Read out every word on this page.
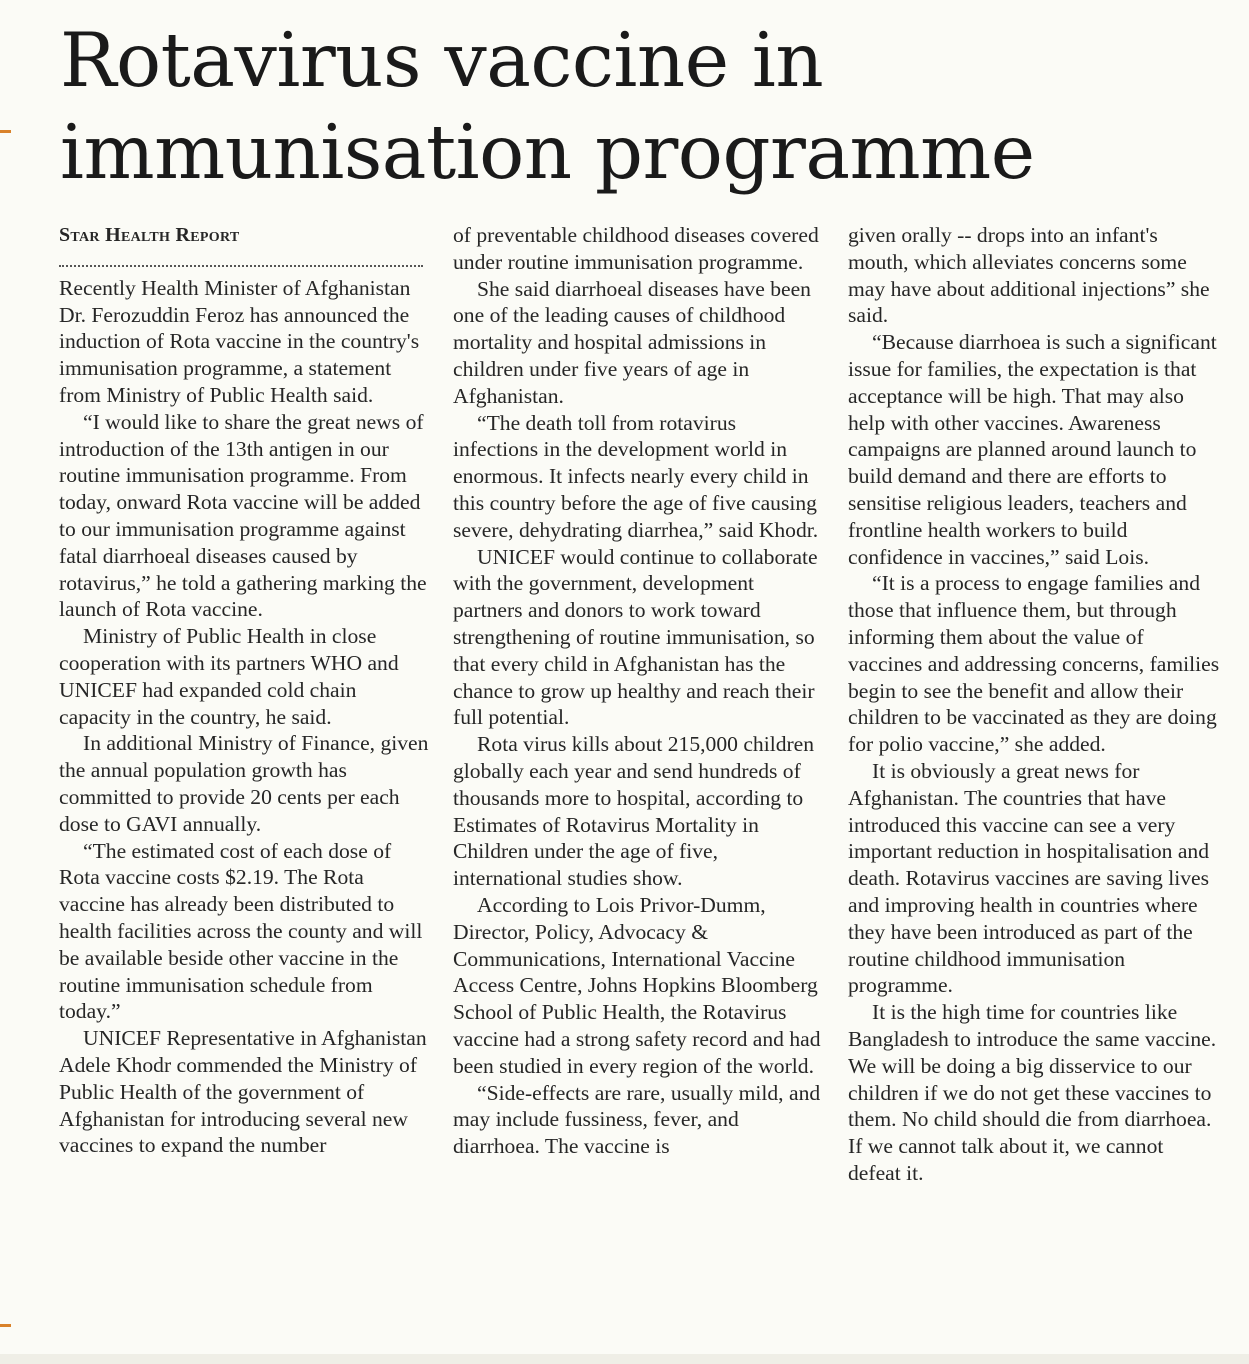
Rotavirus vaccine in immunisation programme

Star Health Report

Recently Health Minister of Afghanistan Dr. Ferozuddin Feroz has announced the induction of Rota vaccine in the country's immunisation programme, a statement from Ministry of Public Health said.

“I would like to share the great news of introduction of the 13th antigen in our routine immunisation programme. From today, onward Rota vaccine will be added to our immunisation programme against fatal diarrhoeal diseases caused by rotavirus,” he told a gathering marking the launch of Rota vaccine.

Ministry of Public Health in close cooperation with its partners WHO and UNICEF had expanded cold chain capacity in the country, he said.

In additional Ministry of Finance, given the annual population growth has committed to provide 20 cents per each dose to GAVI annually.

“The estimated cost of each dose of Rota vaccine costs $2.19. The Rota vaccine has already been distributed to health facilities across the county and will be available beside other vaccine in the routine immunisation schedule from today.”

UNICEF Representative in Afghanistan Adele Khodr commended the Ministry of Public Health of the government of Afghanistan for introducing several new vaccines to expand the number

of preventable childhood diseases covered under routine immunisation programme.

She said diarrhoeal diseases have been one of the leading causes of childhood mortality and hospital admissions in children under five years of age in Afghanistan.

“The death toll from rotavirus infections in the development world in enormous. It infects nearly every child in this country before the age of five causing severe, dehydrating diarrhea,” said Khodr.

UNICEF would continue to collaborate with the government, development partners and donors to work toward strengthening of routine immunisation, so that every child in Afghanistan has the chance to grow up healthy and reach their full potential.

Rota virus kills about 215,000 children globally each year and send hundreds of thousands more to hospital, according to Estimates of Rotavirus Mortality in Children under the age of five, international studies show.

According to Lois Privor-Dumm, Director, Policy, Advocacy & Communications, International Vaccine Access Centre, Johns Hopkins Bloomberg School of Public Health, the Rotavirus vaccine had a strong safety record and had been studied in every region of the world.

“Side-effects are rare, usually mild, and may include fussiness, fever, and diarrhoea. The vaccine is

given orally -- drops into an infant's mouth, which alleviates concerns some may have about additional injections” she said.

“Because diarrhoea is such a significant issue for families, the expectation is that acceptance will be high. That may also help with other vaccines. Awareness campaigns are planned around launch to build demand and there are efforts to sensitise religious leaders, teachers and frontline health workers to build confidence in vaccines,” said Lois.

“It is a process to engage families and those that influence them, but through informing them about the value of vaccines and addressing concerns, families begin to see the benefit and allow their children to be vaccinated as they are doing for polio vaccine,” she added.

It is obviously a great news for Afghanistan. The countries that have introduced this vaccine can see a very important reduction in hospitalisation and death. Rotavirus vaccines are saving lives and improving health in countries where they have been introduced as part of the routine childhood immunisation programme.

It is the high time for countries like Bangladesh to introduce the same vaccine. We will be doing a big disservice to our children if we do not get these vaccines to them. No child should die from diarrhoea. If we cannot talk about it, we cannot defeat it.
